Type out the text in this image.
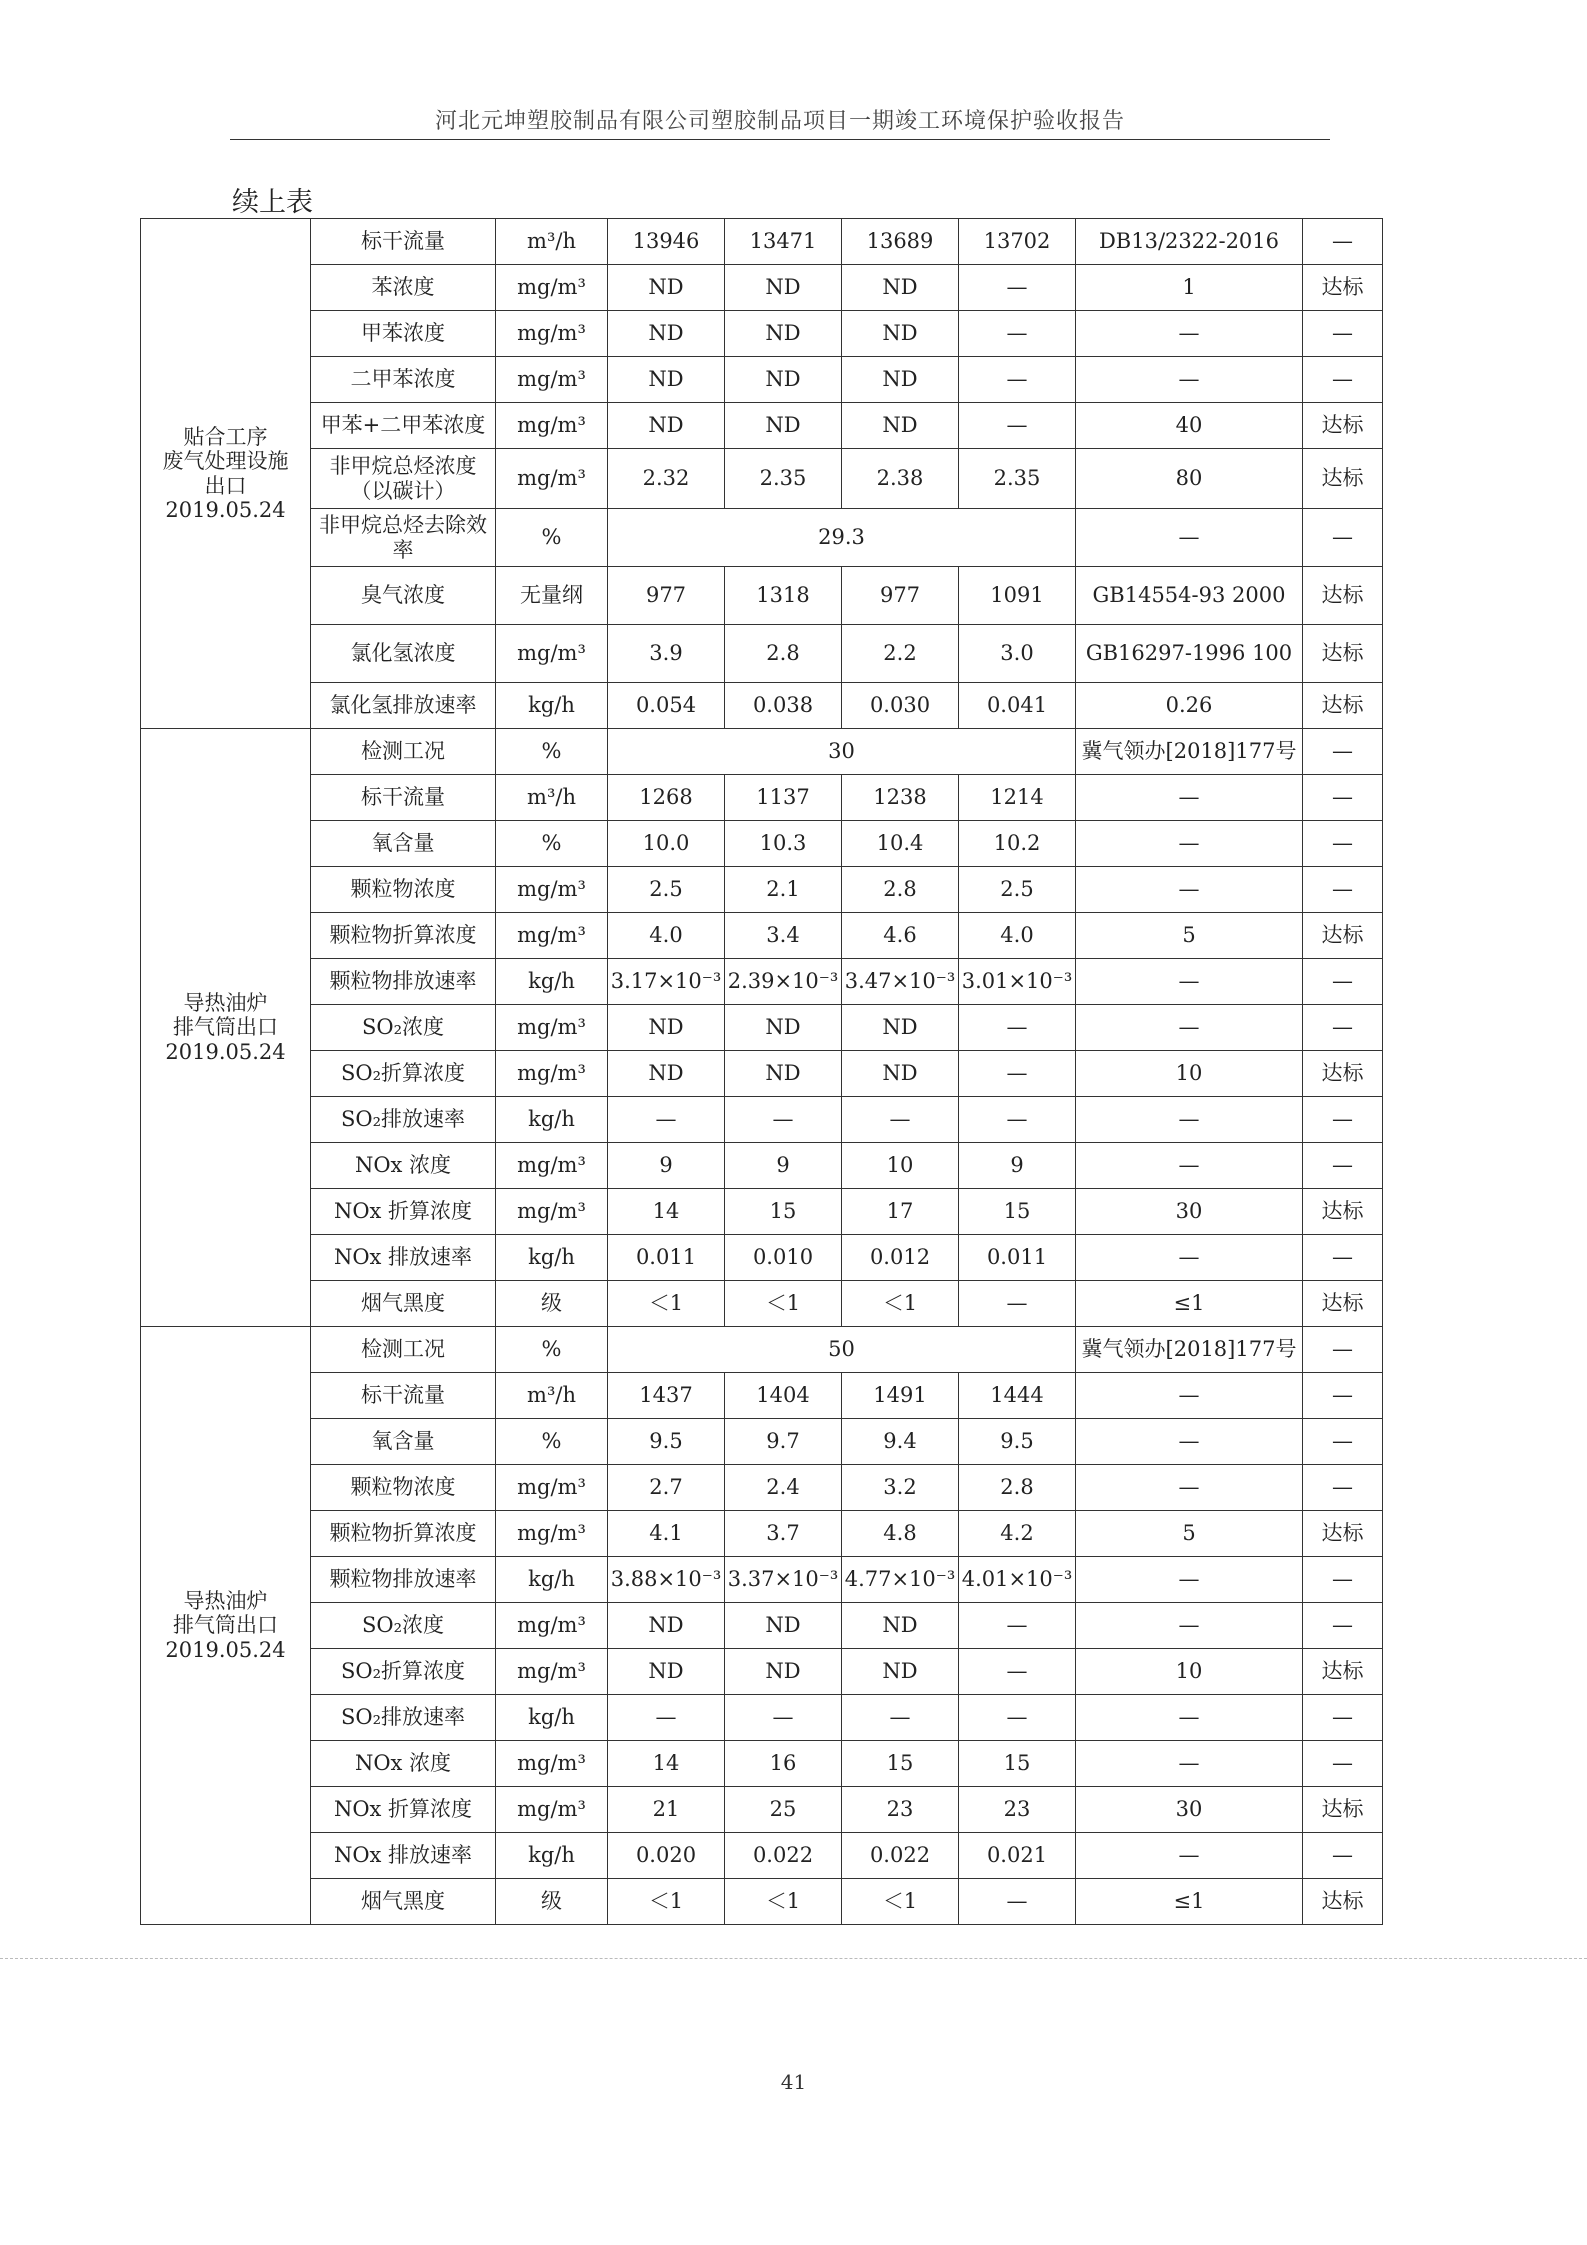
河北元坤塑胶制品有限公司塑胶制品项目一期竣工环境保护验收报告
续上表
贴合工序
废气处理设施
出口
2019.05.24	标干流量	m³/h	13946	13471	13689	13702	DB13/2322-2016	—
	苯浓度	mg/m³	ND	ND	ND	—	1	达标
	甲苯浓度	mg/m³	ND	ND	ND	—	—	—
	二甲苯浓度	mg/m³	ND	ND	ND	—	—	—
	甲苯+二甲苯浓度	mg/m³	ND	ND	ND	—	40	达标
	非甲烷总烃浓度（以碳计）	mg/m³	2.32	2.35	2.38	2.35	80	达标
	非甲烷总烃去除效率	%	29.3				—	—
	臭气浓度	无量纲	977	1318	977	1091	GB14554-93 2000	达标
	氯化氢浓度	mg/m³	3.9	2.8	2.2	3.0	GB16297-1996 100	达标
	氯化氢排放速率	kg/h	0.054	0.038	0.030	0.041	0.26	达标

导热油炉
排气筒出口
2019.05.24	检测工况	%	30				冀气领办[2018]177号	—
	标干流量	m³/h	1268	1137	1238	1214	—	—
	氧含量	%	10.0	10.3	10.4	10.2	—	—
	颗粒物浓度	mg/m³	2.5	2.1	2.8	2.5	—	—
	颗粒物折算浓度	mg/m³	4.0	3.4	4.6	4.0	5	达标
	颗粒物排放速率	kg/h	3.17×10⁻³	2.39×10⁻³	3.47×10⁻³	3.01×10⁻³	—	—
	SO₂浓度	mg/m³	ND	ND	ND	—	—	—
	SO₂折算浓度	mg/m³	ND	ND	ND	—	10	达标
	SO₂排放速率	kg/h	—	—	—	—	—	—
	NOx 浓度	mg/m³	9	9	10	9	—	—
	NOx 折算浓度	mg/m³	14	15	17	15	30	达标
	NOx 排放速率	kg/h	0.011	0.010	0.012	0.011	—	—
	烟气黑度	级	＜1	＜1	＜1	—	≤1	达标

导热油炉
排气筒出口
2019.05.24	检测工况	%	50				冀气领办[2018]177号	—
	标干流量	m³/h	1437	1404	1491	1444	—	—
	氧含量	%	9.5	9.7	9.4	9.5	—	—
	颗粒物浓度	mg/m³	2.7	2.4	3.2	2.8	—	—
	颗粒物折算浓度	mg/m³	4.1	3.7	4.8	4.2	5	达标
	颗粒物排放速率	kg/h	3.88×10⁻³	3.37×10⁻³	4.77×10⁻³	4.01×10⁻³	—	—
	SO₂浓度	mg/m³	ND	ND	ND	—	—	—
	SO₂折算浓度	mg/m³	ND	ND	ND	—	10	达标
	SO₂排放速率	kg/h	—	—	—	—	—	—
	NOx 浓度	mg/m³	14	16	15	15	—	—
	NOx 折算浓度	mg/m³	21	25	23	23	30	达标
	NOx 排放速率	kg/h	0.020	0.022	0.022	0.021	—	—
	烟气黑度	级	＜1	＜1	＜1	—	≤1	达标
41
